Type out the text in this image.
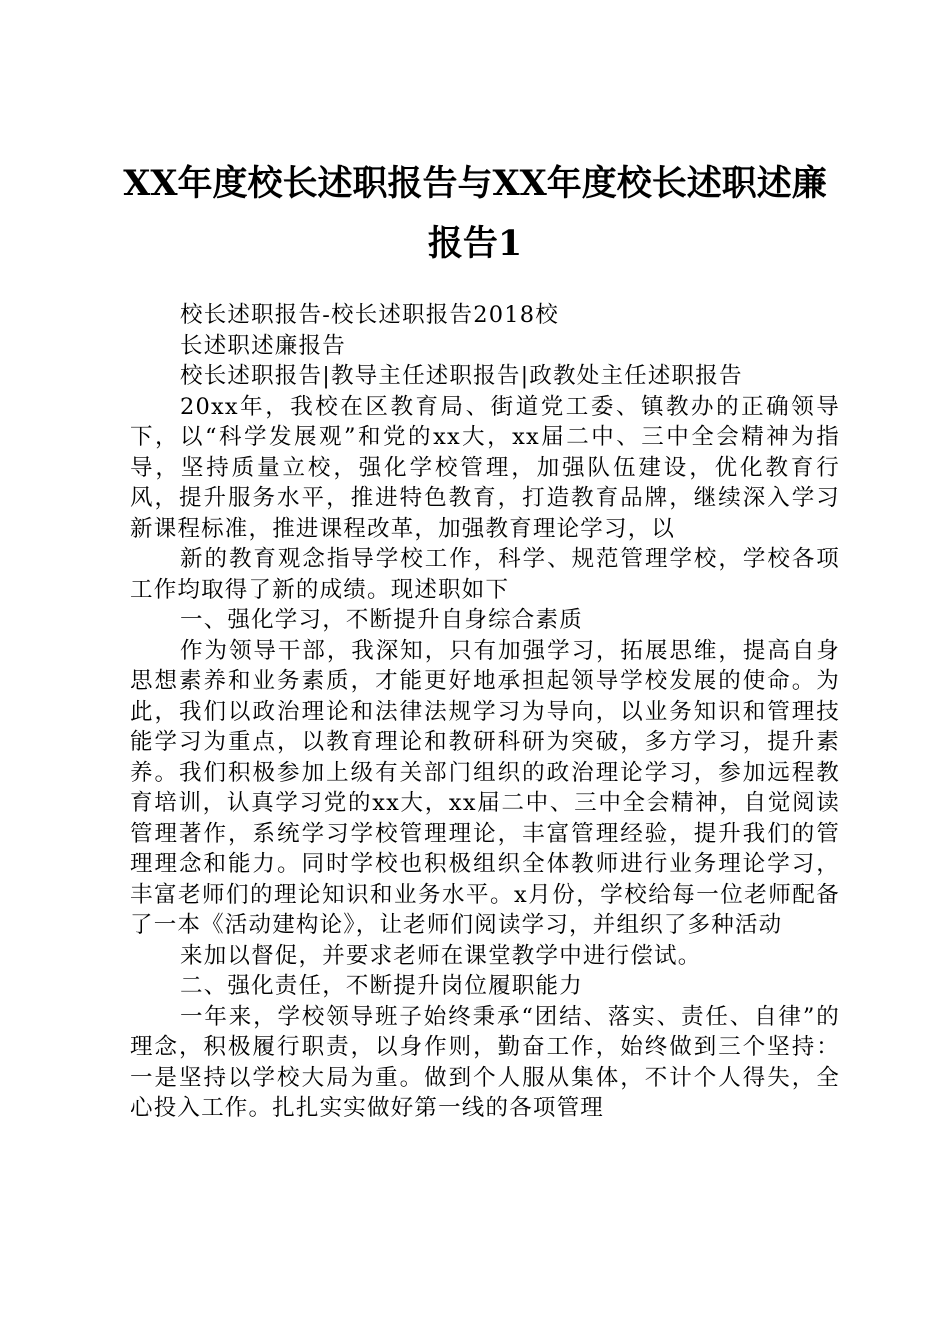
XX年度校长述职报告与XX年度校长述职述廉
报告1

校长述职报告-校长述职报告2018校

长述职述廉报告

校长述职报告|教导主任述职报告|政教处主任述职报告

20xx年，我校在区教育局、街道党工委、镇教办的正确领导下，以“科学发展观”和党的xx大，xx届二中、三中全会精神为指导，坚持质量立校，强化学校管理，加强队伍建设，优化教育行风，提升服务水平，推进特色教育，打造教育品牌，继续深入学习新课程标准，推进课程改革，加强教育理论学习，以

新的教育观念指导学校工作，科学、规范管理学校，学校各项工作均取得了新的成绩。现述职如下

一、强化学习，不断提升自身综合素质

作为领导干部，我深知，只有加强学习，拓展思维，提高自身思想素养和业务素质，才能更好地承担起领导学校发展的使命。为此，我们以政治理论和法律法规学习为导向，以业务知识和管理技能学习为重点，以教育理论和教研科研为突破，多方学习，提升素养。我们积极参加上级有关部门组织的政治理论学习，参加远程教育培训，认真学习党的xx大，xx届二中、三中全会精神，自觉阅读管理著作，系统学习学校管理理论，丰富管理经验，提升我们的管理理念和能力。同时学校也积极组织全体教师进行业务理论学习，丰富老师们的理论知识和业务水平。x月份，学校给每一位老师配备了一本《活动建构论》，让老师们阅读学习，并组织了多种活动

来加以督促，并要求老师在课堂教学中进行偿试。

二、强化责任，不断提升岗位履职能力

一年来，学校领导班子始终秉承“团结、落实、责任、自律”的理念，积极履行职责，以身作则，勤奋工作，始终做到三个坚持：一是坚持以学校大局为重。做到个人服从集体，不计个人得失，全心投入工作。扎扎实实做好第一线的各项管理
